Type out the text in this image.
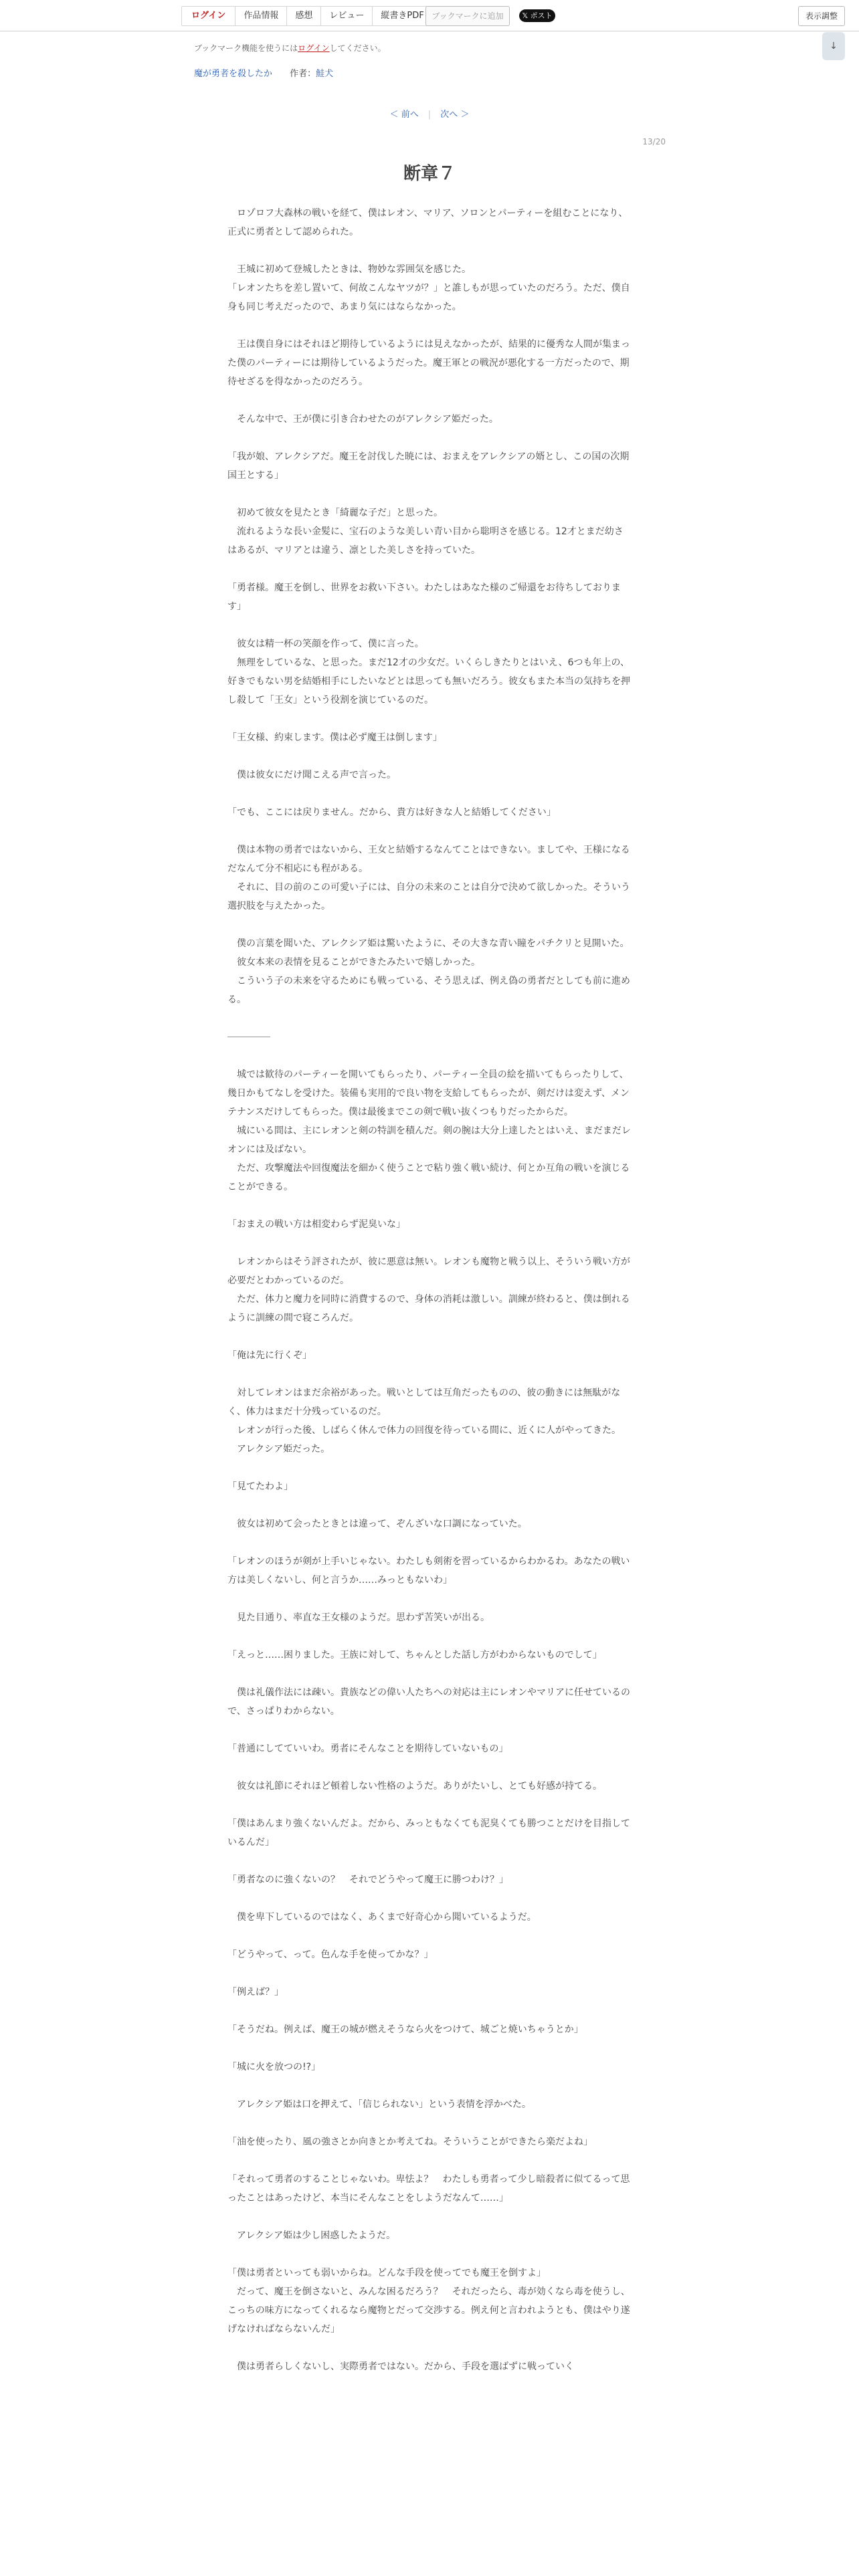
ログイン	作品情報	感想	レビュー	縦書きPDF ブックマークに追加	𝕏 ポスト	表示調整
↓
ブックマーク機能を使うにはログインしてください。
魔が勇者を殺したか 作者：鮭犬
＜ 前へ | 次へ ＞
13/20
断章７

　ロゾロフ大森林の戦いを経て、僕はレオン、マリア、ソロンとパーティーを組むことになり、正式に勇者として認められた。

　王城に初めて登城したときは、物妙な雰囲気を感じた。

「レオンたちを差し置いて、何故こんなヤツが？」と誰しもが思っていたのだろう。ただ、僕自身も同じ考えだったので、あまり気にはならなかった。

　王は僕自身にはそれほど期待しているようには見えなかったが、結果的に優秀な人間が集まった僕のパーティーには期待しているようだった。魔王軍との戦況が悪化する一方だったので、期待せざるを得なかったのだろう。

　そんな中で、王が僕に引き合わせたのがアレクシア姫だった。

「我が娘、アレクシアだ。魔王を討伐した暁には、おまえをアレクシアの婿とし、この国の次期国王とする」

　初めて彼女を見たとき「綺麗な子だ」と思った。

　流れるような長い金髪に、宝石のような美しい青い目から聡明さを感じる。12才とまだ幼さはあるが、マリアとは違う、凛とした美しさを持っていた。

「勇者様。魔王を倒し、世界をお救い下さい。わたしはあなた様のご帰還をお待ちしております」

　彼女は精一杯の笑顔を作って、僕に言った。

　無理をしているな、と思った。まだ12才の少女だ。いくらしきたりとはいえ、6つも年上の、好きでもない男を結婚相手にしたいなどとは思っても無いだろう。彼女もまた本当の気持ちを押し殺して「王女」という役割を演じているのだ。

「王女様、約束します。僕は必ず魔王は倒します」

　僕は彼女にだけ聞こえる声で言った。

「でも、ここには戻りません。だから、貴方は好きな人と結婚してください」

　僕は本物の勇者ではないから、王女と結婚するなんてことはできない。ましてや、王様になるだなんて分不相応にも程がある。

　それに、目の前のこの可愛い子には、自分の未来のことは自分で決めて欲しかった。そういう選択肢を与えたかった。

　僕の言葉を聞いた、アレクシア姫は驚いたように、その大きな青い瞳をパチクリと見開いた。

　彼女本来の表情を見ることができたみたいで嬉しかった。

　こういう子の未来を守るためにも戦っている、そう思えば、例え偽の勇者だとしても前に進める。

　城では歓待のパーティーを開いてもらったり、パーティー全員の絵を描いてもらったりして、幾日かもてなしを受けた。装備も実用的で良い物を支給してもらったが、剣だけは変えず、メンテナンスだけしてもらった。僕は最後までこの剣で戦い抜くつもりだったからだ。

　城にいる間は、主にレオンと剣の特訓を積んだ。剣の腕は大分上達したとはいえ、まだまだレオンには及ばない。

　ただ、攻撃魔法や回復魔法を細かく使うことで粘り強く戦い続け、何とか互角の戦いを演じることができる。

「おまえの戦い方は相変わらず泥臭いな」

　レオンからはそう評されたが、彼に悪意は無い。レオンも魔物と戦う以上、そういう戦い方が必要だとわかっているのだ。

　ただ、体力と魔力を同時に消費するので、身体の消耗は激しい。訓練が終わると、僕は倒れるように訓練の間で寝ころんだ。

「俺は先に行くぞ」

　対してレオンはまだ余裕があった。戦いとしては互角だったものの、彼の動きには無駄がなく、体力はまだ十分残っているのだ。

　レオンが行った後、しばらく休んで体力の回復を待っている間に、近くに人がやってきた。

　アレクシア姫だった。

「見てたわよ」

　彼女は初めて会ったときとは違って、ぞんざいな口調になっていた。

「レオンのほうが剣が上手いじゃない。わたしも剣術を習っているからわかるわ。あなたの戦い方は美しくないし、何と言うか……みっともないわ」

　見た目通り、率直な王女様のようだ。思わず苦笑いが出る。

「えっと……困りました。王族に対して、ちゃんとした話し方がわからないものでして」

　僕は礼儀作法には疎い。貴族などの偉い人たちへの対応は主にレオンやマリアに任せているので、さっぱりわからない。

「普通にしてていいわ。勇者にそんなことを期待していないもの」

　彼女は礼節にそれほど頓着しない性格のようだ。ありがたいし、とても好感が持てる。

「僕はあんまり強くないんだよ。だから、みっともなくても泥臭くても勝つことだけを目指しているんだ」

「勇者なのに強くないの？　それでどうやって魔王に勝つわけ？」

　僕を卑下しているのではなく、あくまで好奇心から聞いているようだ。

「どうやって、って。色んな手を使ってかな？」

「例えば？」

「そうだね。例えば、魔王の城が燃えそうなら火をつけて、城ごと焼いちゃうとか」

「城に火を放つの!?」

　アレクシア姫は口を押えて、「信じられない」という表情を浮かべた。

「油を使ったり、風の強さとか向きとか考えてね。そういうことができたら楽だよね」

「それって勇者のすることじゃないわ。卑怯よ？　わたしも勇者って少し暗殺者に似てるって思ったことはあったけど、本当にそんなことをしようだなんて……」

　アレクシア姫は少し困惑したようだ。

「僕は勇者といっても弱いからね。どんな手段を使ってでも魔王を倒すよ」

　だって、魔王を倒さないと、みんな困るだろう？　それだったら、毒が効くなら毒を使うし、こっちの味方になってくれるなら魔物とだって交渉する。例え何と言われようとも、僕はやり遂げなければならないんだ」

　僕は勇者らしくないし、実際勇者ではない。だから、手段を選ばずに戦っていく
